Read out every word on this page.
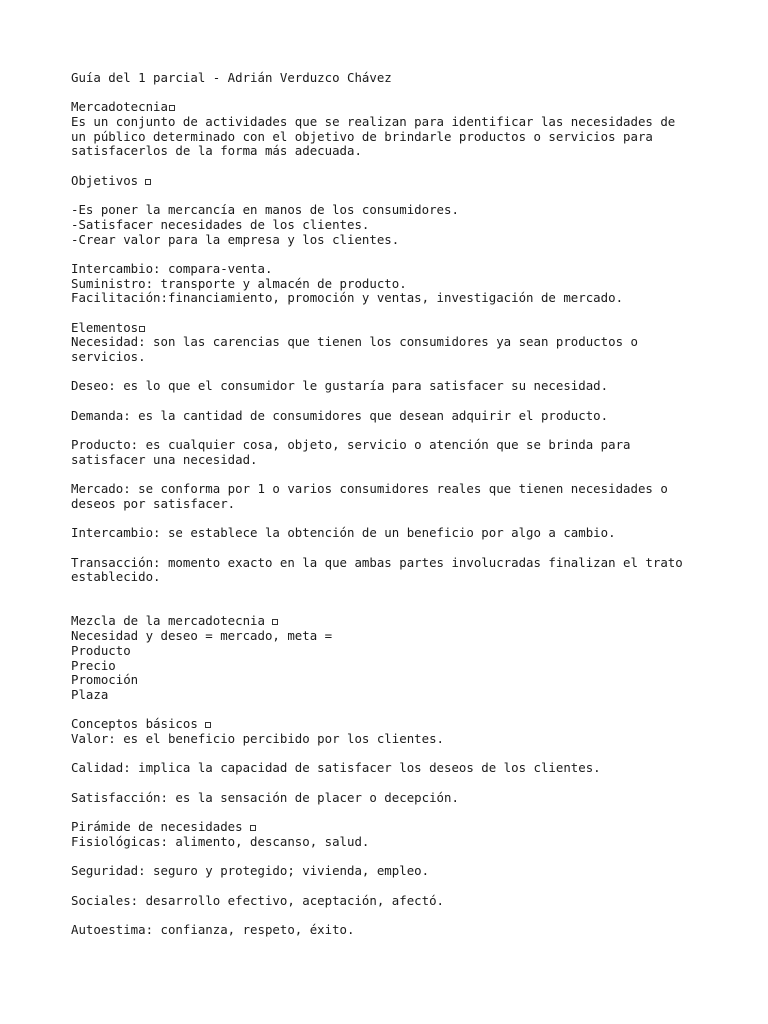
Guía del 1 parcial - Adrián Verduzco Chávez
Mercadotecnia
Es un conjunto de actividades que se realizan para identificar las necesidades de
un público determinado con el objetivo de brindarle productos o servicios para
satisfacerlos de la forma más adecuada.
Objetivos
-Es poner la mercancía en manos de los consumidores.
-Satisfacer necesidades de los clientes.
-Crear valor para la empresa y los clientes.
Intercambio: compara-venta.
Suministro: transporte y almacén de producto.
Facilitación:financiamiento, promoción y ventas, investigación de mercado.
Elementos
Necesidad: son las carencias que tienen los consumidores ya sean productos o
servicios.
Deseo: es lo que el consumidor le gustaría para satisfacer su necesidad.
Demanda: es la cantidad de consumidores que desean adquirir el producto.
Producto: es cualquier cosa, objeto, servicio o atención que se brinda para
satisfacer una necesidad.
Mercado: se conforma por 1 o varios consumidores reales que tienen necesidades o
deseos por satisfacer.
Intercambio: se establece la obtención de un beneficio por algo a cambio.
Transacción: momento exacto en la que ambas partes involucradas finalizan el trato
establecido.
Mezcla de la mercadotecnia
Necesidad y deseo = mercado, meta =
Producto
Precio
Promoción
Plaza
Conceptos básicos
Valor: es el beneficio percibido por los clientes.
Calidad: implica la capacidad de satisfacer los deseos de los clientes.
Satisfacción: es la sensación de placer o decepción.
Pirámide de necesidades
Fisiológicas: alimento, descanso, salud.
Seguridad: seguro y protegido; vivienda, empleo.
Sociales: desarrollo efectivo, aceptación, afectó.
Autoestima: confianza, respeto, éxito.
